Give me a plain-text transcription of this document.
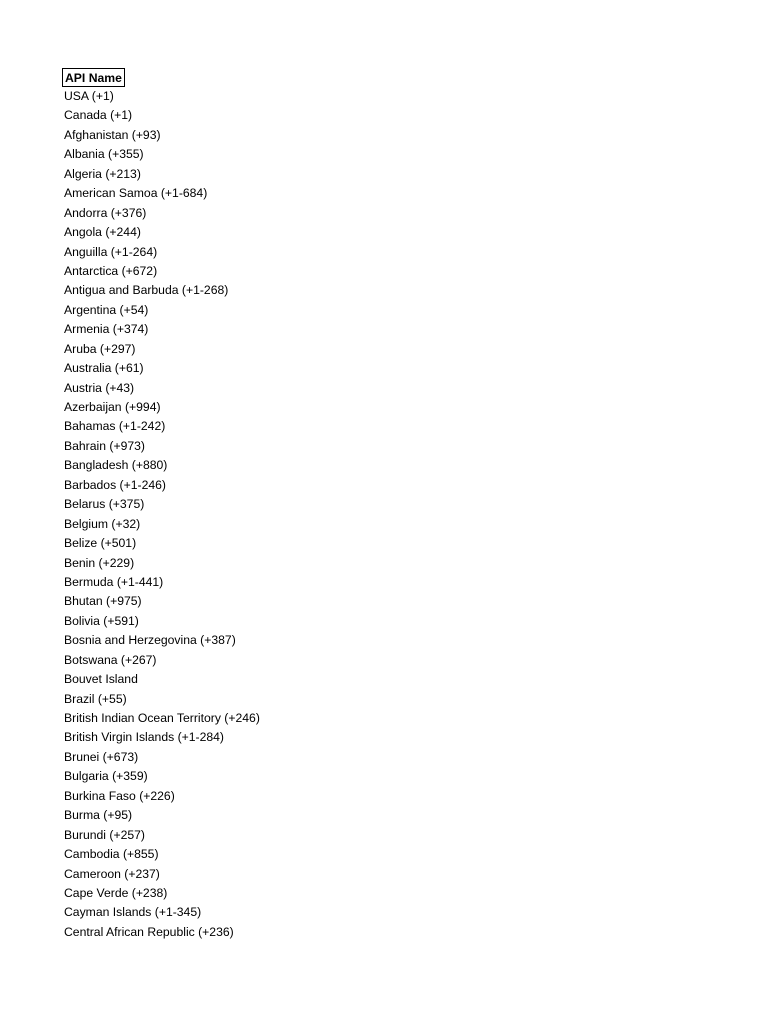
API Name
USA (+1)
Canada (+1)
Afghanistan (+93)
Albania (+355)
Algeria (+213)
American Samoa (+1-684)
Andorra (+376)
Angola (+244)
Anguilla (+1-264)
Antarctica (+672)
Antigua and Barbuda (+1-268)
Argentina (+54)
Armenia (+374)
Aruba (+297)
Australia (+61)
Austria (+43)
Azerbaijan (+994)
Bahamas (+1-242)
Bahrain (+973)
Bangladesh (+880)
Barbados (+1-246)
Belarus (+375)
Belgium (+32)
Belize (+501)
Benin (+229)
Bermuda (+1-441)
Bhutan (+975)
Bolivia (+591)
Bosnia and Herzegovina (+387)
Botswana (+267)
Bouvet Island
Brazil (+55)
British Indian Ocean Territory (+246)
British Virgin Islands (+1-284)
Brunei (+673)
Bulgaria (+359)
Burkina Faso (+226)
Burma (+95)
Burundi (+257)
Cambodia (+855)
Cameroon (+237)
Cape Verde (+238)
Cayman Islands (+1-345)
Central African Republic (+236)
